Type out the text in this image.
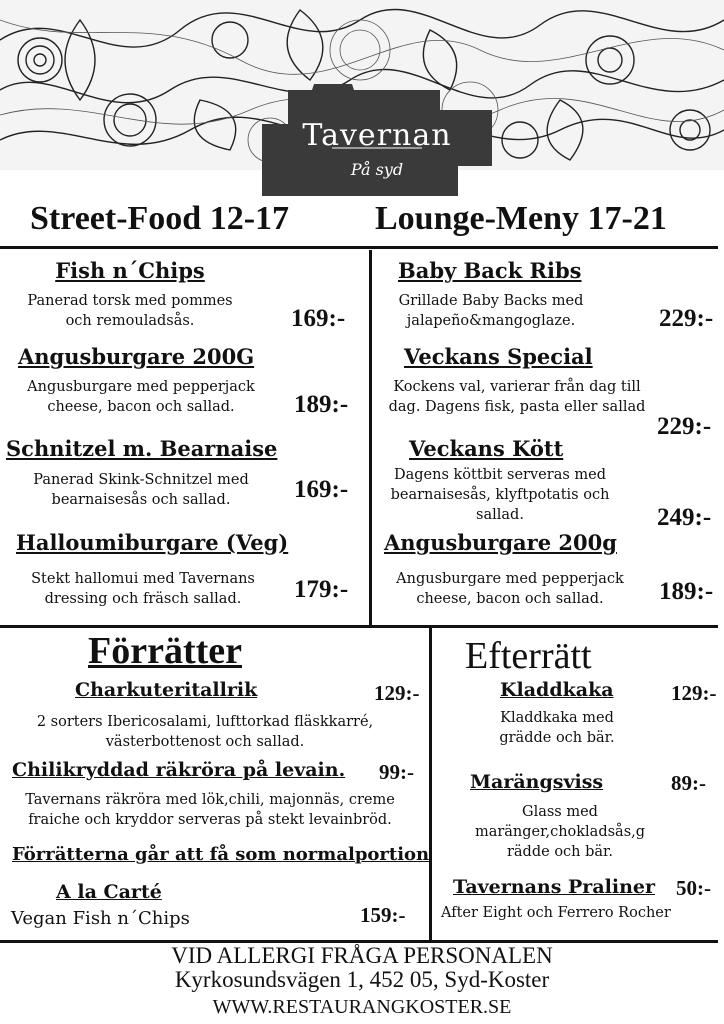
Tavernan
På syd
Street-Food 12-17	Lounge-Meny 17-21
Fish n´Chips
Panerad torsk med pommes
och remouladsås.	169:-
Angusburgare 200G
Angusburgare med pepperjack
cheese, bacon och sallad.	189:-
Schnitzel m. Bearnaise
Panerad Skink-Schnitzel med
bearnaisesås och sallad.	169:-
Halloumiburgare (Veg)
Stekt hallomui med Tavernans
dressing och fräsch sallad.	179:-
Baby Back Ribs
Grillade Baby Backs med
jalapeño&mangoglaze.	229:-
Veckans Special
Kockens val, varierar från dag till
dag. Dagens fisk, pasta eller sallad
229:-
Veckans Kött
Dagens köttbit serveras med
bearnaisesås, klyftpotatis och
sallad.	249:-
Angusburgare 200g
Angusburgare med pepperjack
cheese, bacon och sallad.	189:-
Förrätter
Charkuteritallrik	129:-
2 sorters Ibericosalami, lufttorkad fläskkarré,
västerbottenost och sallad.
Chilikryddad räkröra på levain. 99:-
Tavernans räkröra med lök,chili, majonnäs, creme
fraiche och kryddor serveras på stekt levainbröd.
Förrätterna går att få som normalportion
A la Carté
Vegan Fish n´Chips	159:-
Efterrätt
Kladdkaka	129:-
Kladdkaka med
grädde och bär.
Marängsviss	89:-
Glass med
maränger,chokladsås,g
rädde och bär.
Tavernans Praliner 50:-
After Eight och Ferrero Rocher
VID ALLERGI FRÅGA PERSONALEN
Kyrkosundsvägen 1, 452 05, Syd-Koster
WWW.RESTAURANGKOSTER.SE
